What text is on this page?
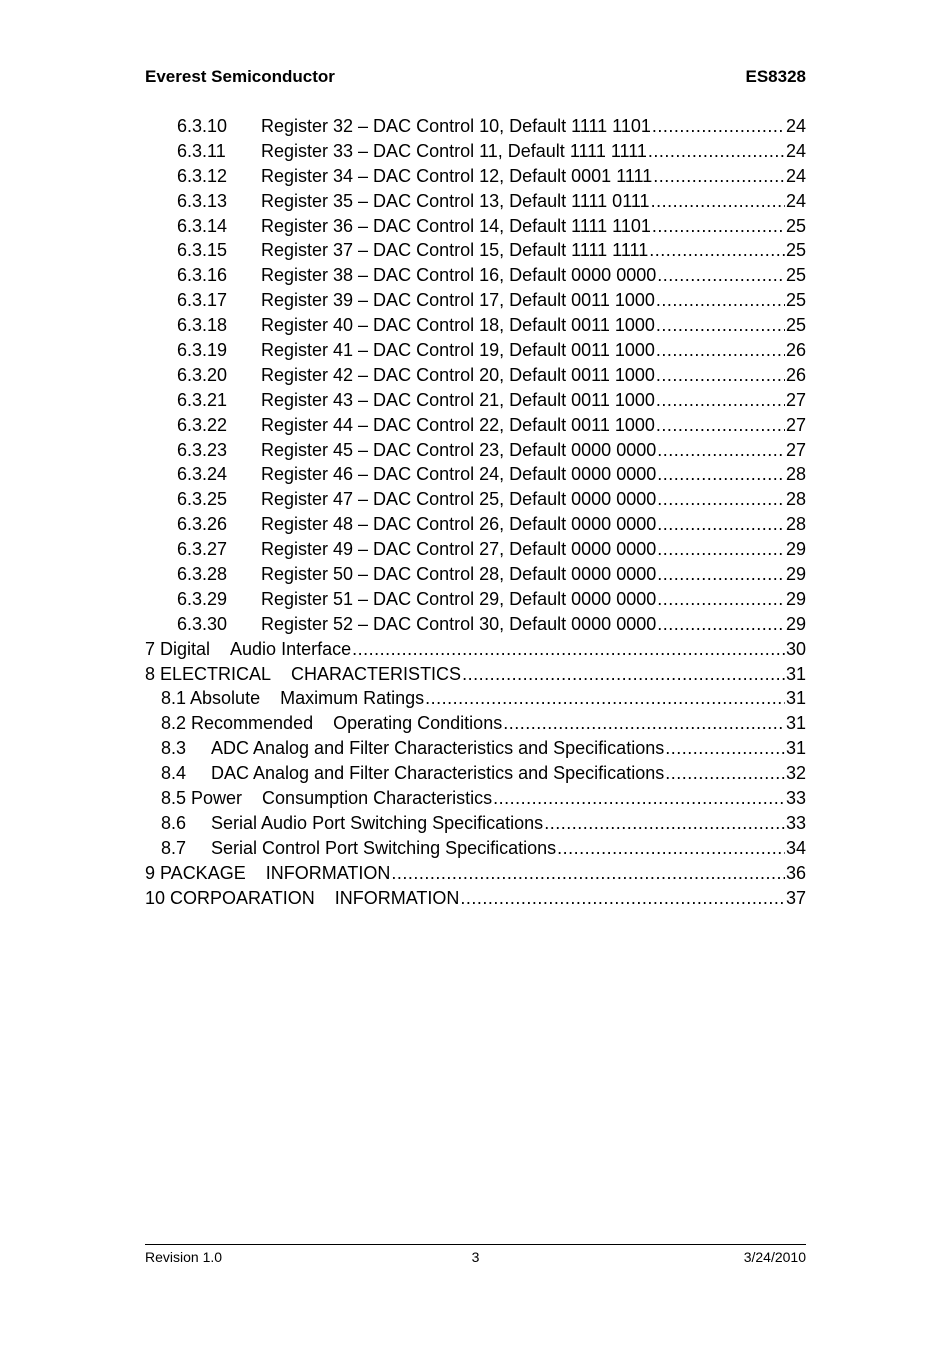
Everest Semiconductor	ES8328
6.3.10	Register 32 – DAC Control 10, Default 1111 1101 .....	24
6.3.11	Register 33 – DAC Control 11, Default 1111 1111 .....	24
6.3.12	Register 34 – DAC Control 12, Default 0001 1111 .....	24
6.3.13	Register 35 – DAC Control 13, Default 1111 0111 .....	24
6.3.14	Register 36 – DAC Control 14, Default 1111 1101 .....	25
6.3.15	Register 37 – DAC Control 15, Default 1111 1111 .....	25
6.3.16	Register 38 – DAC Control 16, Default 0000 0000 .....	25
6.3.17	Register 39 – DAC Control 17, Default 0011 1000 .....	25
6.3.18	Register 40 – DAC Control 18, Default 0011 1000 .....	25
6.3.19	Register 41 – DAC Control 19, Default 0011 1000 .....	26
6.3.20	Register 42 – DAC Control 20, Default 0011 1000 .....	26
6.3.21	Register 43 – DAC Control 21, Default 0011 1000 .....	27
6.3.22	Register 44 – DAC Control 22, Default 0011 1000 .....	27
6.3.23	Register 45 – DAC Control 23, Default 0000 0000 .....	27
6.3.24	Register 46 – DAC Control 24, Default 0000 0000 .....	28
6.3.25	Register 47 – DAC Control 25, Default 0000 0000 .....	28
6.3.26	Register 48 – DAC Control 26, Default 0000 0000 .....	28
6.3.27	Register 49 – DAC Control 27, Default 0000 0000 .....	29
6.3.28	Register 50 – DAC Control 28, Default 0000 0000 .....	29
6.3.29	Register 51 – DAC Control 29, Default 0000 0000 .....	29
6.3.30	Register 52 – DAC Control 30, Default 0000 0000 .....	29
7 Digital Audio Interface .....	30
8 ELECTRICAL CHARACTERISTICS .....	31
8.1 Absolute Maximum Ratings .....	31
8.2 Recommended Operating Conditions .....	31
8.3	ADC Analog and Filter Characteristics and Specifications .....	31
8.4	DAC Analog and Filter Characteristics and Specifications .....	32
8.5 Power Consumption Characteristics .....	33
8.6	Serial Audio Port Switching Specifications .....	33
8.7	Serial Control Port Switching Specifications .....	34
9 PACKAGE INFORMATION .....	36
10 CORPOARATION INFORMATION .....	37
Revision 1.0	3	3/24/2010
